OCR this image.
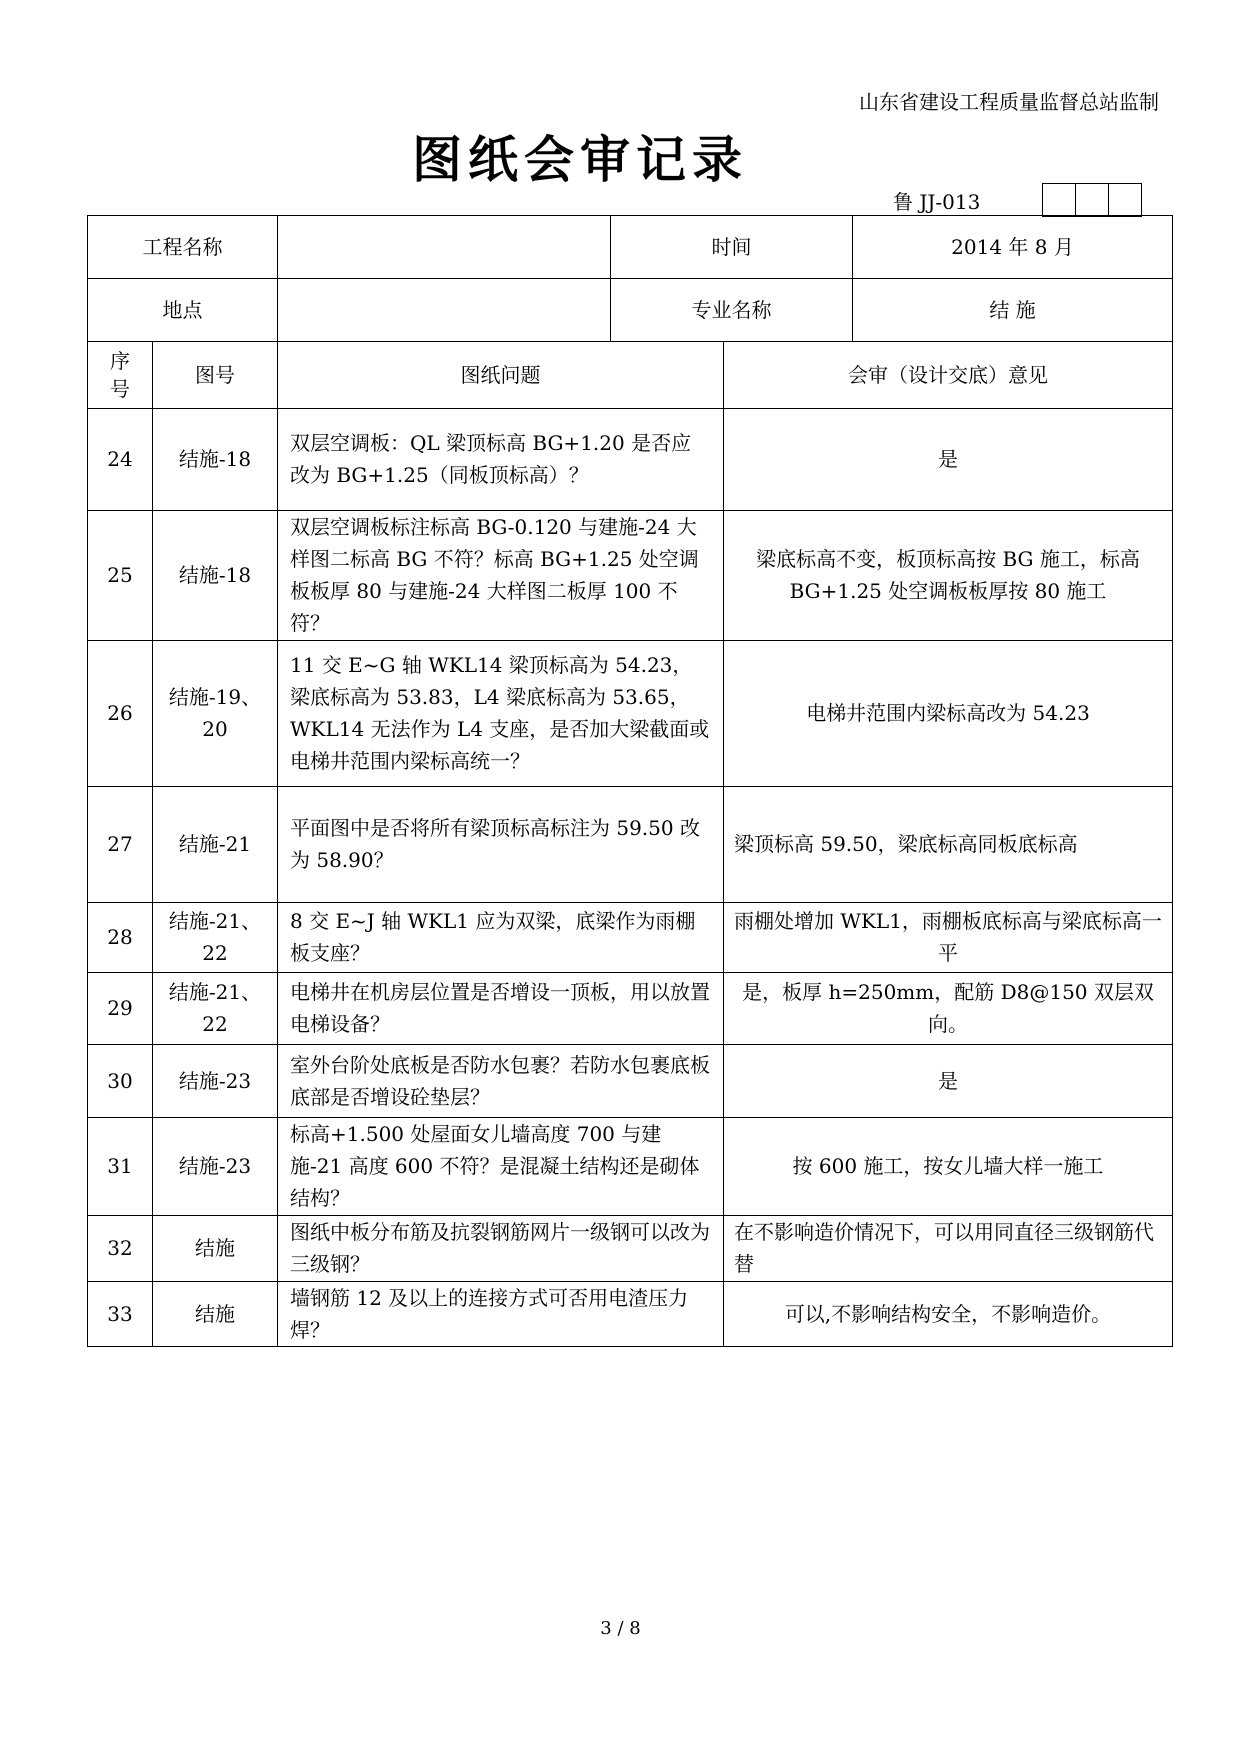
山东省建设工程质量监督总站监制
图纸会审记录
鲁 JJ-013
工程名称		时间	2014 年 8 月
地点		专业名称	结 施
序号	图号	图纸问题	会审（设计交底）意见
24	结施-18	双层空调板：QL 梁顶标高 BG+1.20 是否应改为 BG+1.25（同板顶标高）？	是
25	结施-18	双层空调板标注标高 BG-0.120 与建施-24 大样图二标高 BG 不符？标高 BG+1.25 处空调板板厚 80 与建施-24 大样图二板厚 100 不符？	梁底标高不变，板顶标高按 BG 施工，标高 BG+1.25 处空调板板厚按 80 施工
26	结施-19、20	11 交 E~G 轴 WKL14 梁顶标高为 54.23，梁底标高为 53.83，L4 梁底标高为 53.65，WKL14 无法作为 L4 支座，是否加大梁截面或电梯井范围内梁标高统一？	电梯井范围内梁标高改为 54.23
27	结施-21	平面图中是否将所有梁顶标高标注为 59.50 改为 58.90？	梁顶标高 59.50，梁底标高同板底标高
28	结施-21、22	8 交 E~J 轴 WKL1 应为双梁，底梁作为雨棚板支座？	雨棚处增加 WKL1，雨棚板底标高与梁底标高一平
29	结施-21、22	电梯井在机房层位置是否增设一顶板，用以放置电梯设备？	是，板厚 h=250mm，配筋 D8@150 双层双向。
30	结施-23	室外台阶处底板是否防水包裹？若防水包裹底板底部是否增设砼垫层？	是
31	结施-23	标高+1.500 处屋面女儿墙高度 700 与建施-21 高度 600 不符？是混凝土结构还是砌体结构？	按 600 施工，按女儿墙大样一施工
32	结施	图纸中板分布筋及抗裂钢筋网片一级钢可以改为三级钢？	在不影响造价情况下，可以用同直径三级钢筋代替
33	结施	墙钢筋 12 及以上的连接方式可否用电渣压力焊？	可以,不影响结构安全，不影响造价。
3 / 8
